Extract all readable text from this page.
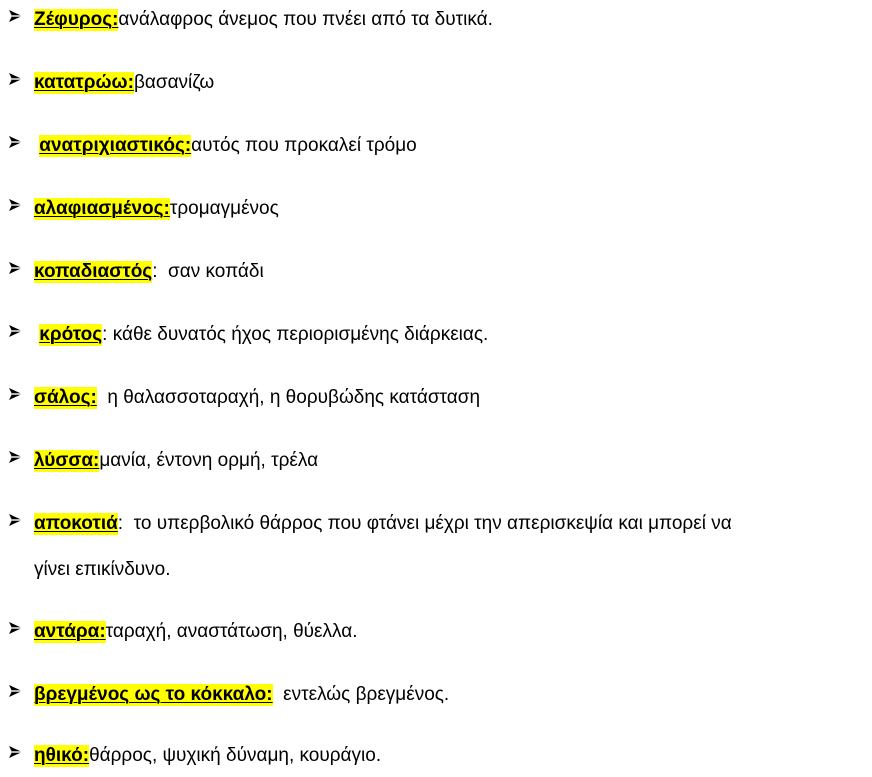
Ζέφυρος: ανάλαφρος άνεμος που πνέει από τα δυτικά.
κατατρώω: βασανίζω

ανατριχιαστικός: αυτός που προκαλεί τρόμο
αλαφιασμένος: τρομαγμένος
κοπαδιαστός :  σαν κοπάδι

κρότος : κάθε δυνατός ήχος περιορισμένης διάρκειας.
σάλος: η θαλασσοταραχή, η θορυβώδης κατάσταση
λύσσα: μανία, έντονη ορμή, τρέλα
αποκοτιά :  το υπερβολικό θάρρος που φτάνει μέχρι την απερισκεψία και μπορεί να
γίνει επικίνδυνο.
αντάρα: ταραχή, αναστάτωση, θύελλα.
βρεγμένος ως το κόκκαλο: εντελώς βρεγμένος.
ηθικό: θάρρος, ψυχική δύναμη, κουράγιο.
